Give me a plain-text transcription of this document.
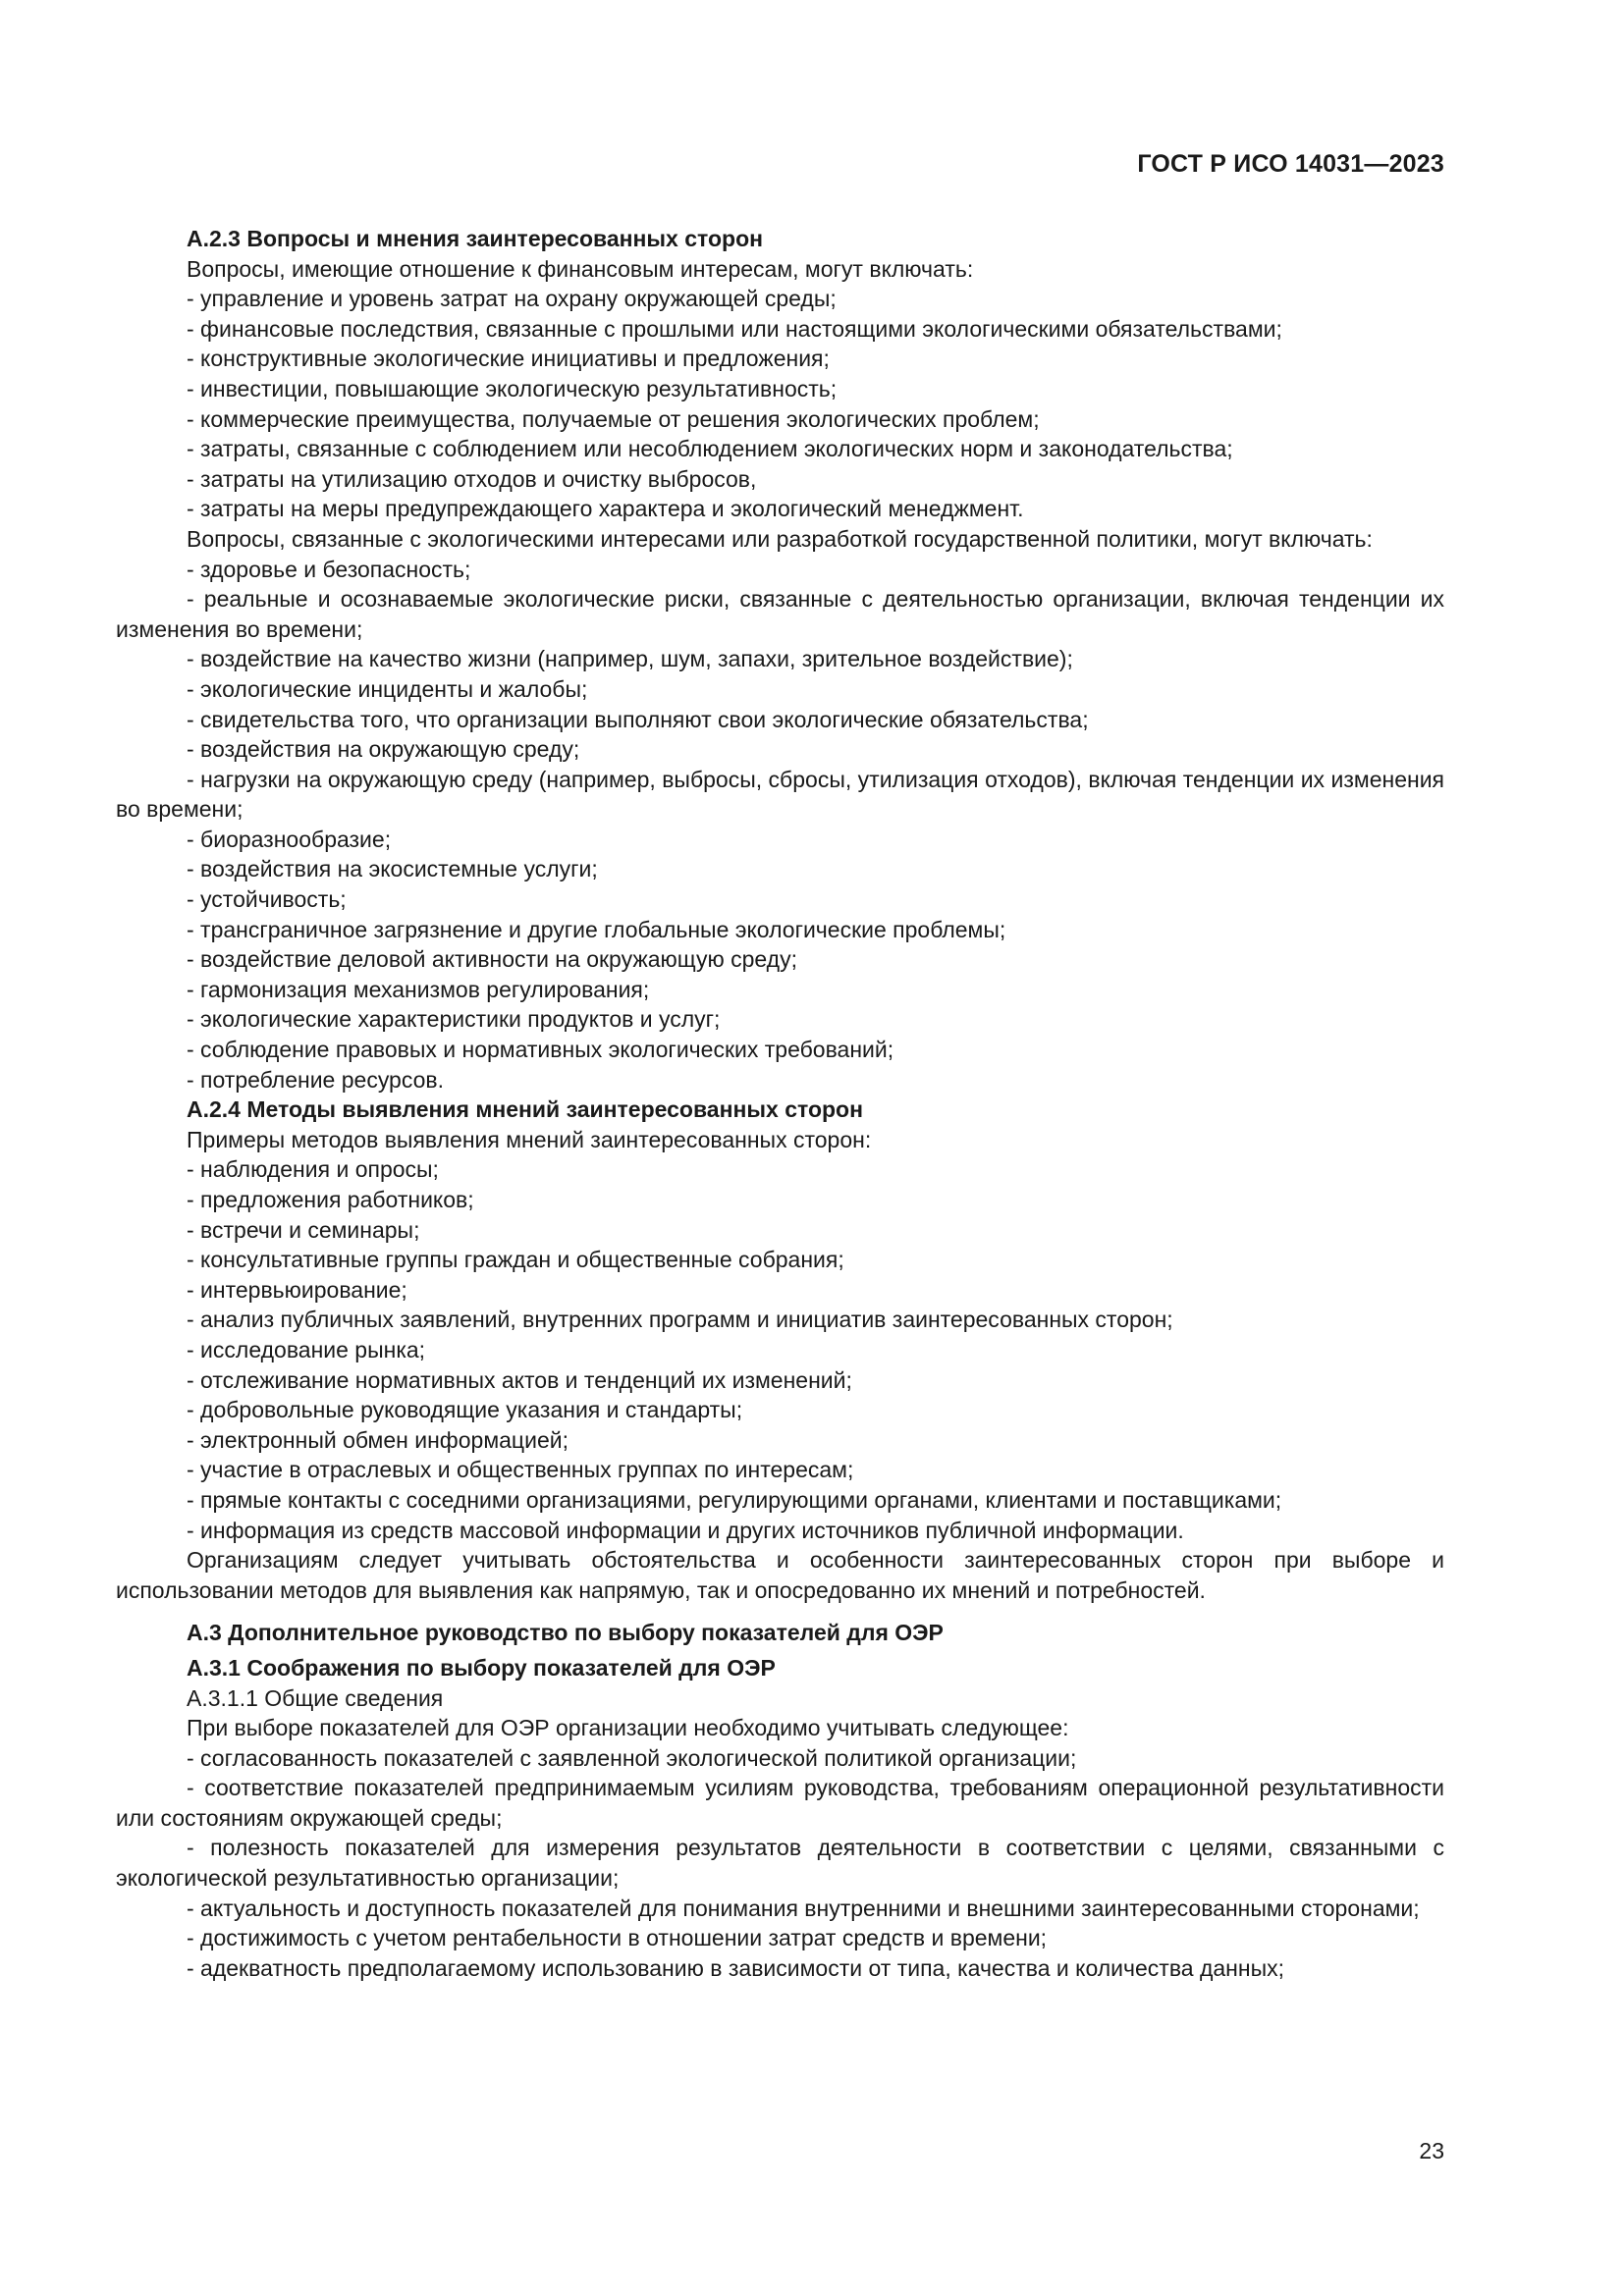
ГОСТ Р ИСО 14031—2023

А.2.3 Вопросы и мнения заинтересованных сторон

Вопросы, имеющие отношение к финансовым интересам, могут включать:

- управление и уровень затрат на охрану окружающей среды;

- финансовые последствия, связанные с прошлыми или настоящими экологическими обязательствами;

- конструктивные экологические инициативы и предложения;

- инвестиции, повышающие экологическую результативность;

- коммерческие преимущества, получаемые от решения экологических проблем;

- затраты, связанные с соблюдением или несоблюдением экологических норм и законодательства;

- затраты на утилизацию отходов и очистку выбросов,

- затраты на меры предупреждающего характера и экологический менеджмент.

Вопросы, связанные с экологическими интересами или разработкой государственной политики, могут включать:

- здоровье и безопасность;

- реальные и осознаваемые экологические риски, связанные с деятельностью организации, включая тенденции их изменения во времени;

- воздействие на качество жизни (например, шум, запахи, зрительное воздействие);

- экологические инциденты и жалобы;

- свидетельства того, что организации выполняют свои экологические обязательства;

- воздействия на окружающую среду;

- нагрузки на окружающую среду (например, выбросы, сбросы, утилизация отходов), включая тенденции их изменения во времени;

- биоразнообразие;

- воздействия на экосистемные услуги;

- устойчивость;

- трансграничное загрязнение и другие глобальные экологические проблемы;

- воздействие деловой активности на окружающую среду;

- гармонизация механизмов регулирования;

- экологические характеристики продуктов и услуг;

- соблюдение правовых и нормативных экологических требований;

- потребление ресурсов.

А.2.4 Методы выявления мнений заинтересованных сторон

Примеры методов выявления мнений заинтересованных сторон:

- наблюдения и опросы;

- предложения работников;

- встречи и семинары;

- консультативные группы граждан и общественные собрания;

- интервьюирование;

- анализ публичных заявлений, внутренних программ и инициатив заинтересованных сторон;

- исследование рынка;

- отслеживание нормативных актов и тенденций их изменений;

- добровольные руководящие указания и стандарты;

- электронный обмен информацией;

- участие в отраслевых и общественных группах по интересам;

- прямые контакты с соседними организациями, регулирующими органами, клиентами и поставщиками;

- информация из средств массовой информации и других источников публичной информации.

Организациям следует учитывать обстоятельства и особенности заинтересованных сторон при выборе и использовании методов для выявления как напрямую, так и опосредованно их мнений и потребностей.

А.3 Дополнительное руководство по выбору показателей для ОЭР

А.3.1 Соображения по выбору показателей для ОЭР

А.3.1.1 Общие сведения

При выборе показателей для ОЭР организации необходимо учитывать следующее:

- согласованность показателей с заявленной экологической политикой организации;

- соответствие показателей предпринимаемым усилиям руководства, требованиям операционной результативности или состояниям окружающей среды;

- полезность показателей для измерения результатов деятельности в соответствии с целями, связанными с экологической результативностью организации;

- актуальность и доступность показателей для понимания внутренними и внешними заинтересованными сторонами;

- достижимость с учетом рентабельности в отношении затрат средств и времени;

- адекватность предполагаемому использованию в зависимости от типа, качества и количества данных;

23
